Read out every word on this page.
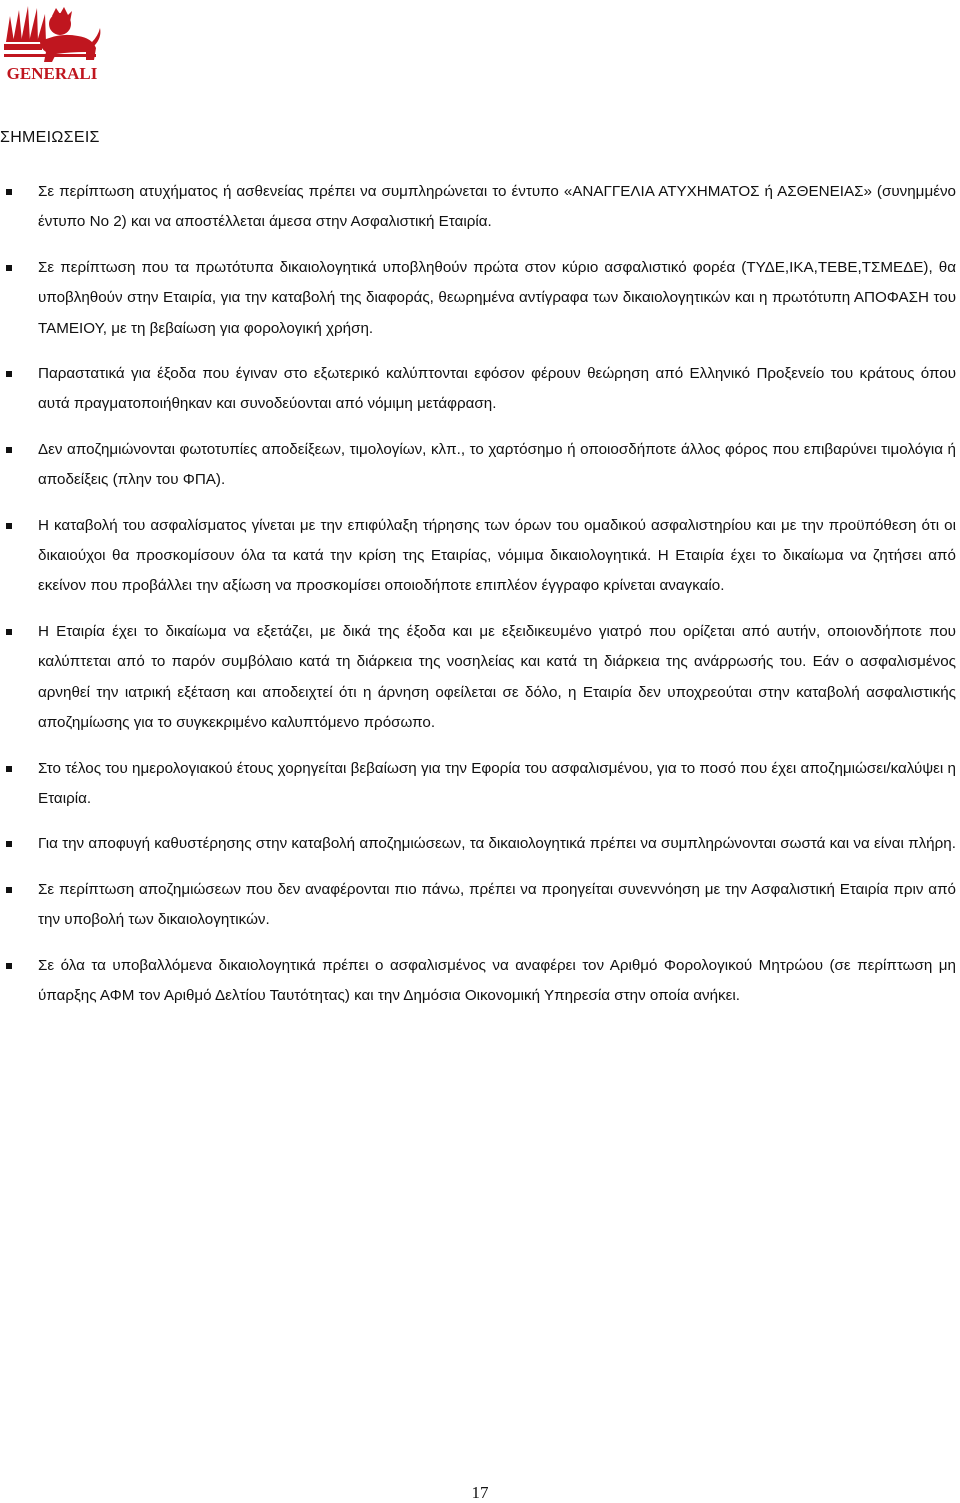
GENERALI
ΣΗΜΕΙΩΣΕΙΣ
Σε περίπτωση ατυχήματος ή ασθενείας πρέπει να συμπληρώνεται το έντυπο «ΑΝΑΓΓΕΛΙΑ ΑΤΥΧΗΜΑΤΟΣ ή ΑΣΘΕΝΕΙΑΣ» (συνημμένο έντυπο Νο 2) και να αποστέλλεται άμεσα στην Ασφαλιστική Εταιρία.
Σε περίπτωση που τα πρωτότυπα δικαιολογητικά υποβληθούν πρώτα στον κύριο ασφαλιστικό φορέα (ΤΥΔΕ,ΙΚΑ,ΤΕΒΕ,ΤΣΜΕΔΕ), θα υποβληθούν στην Εταιρία, για την καταβολή της διαφοράς, θεωρημένα αντίγραφα των δικαιολογητικών και η πρωτότυπη ΑΠΟΦΑΣΗ του ΤΑΜΕΙΟΥ, με τη βεβαίωση για φορολογική χρήση.
Παραστατικά για έξοδα που έγιναν στο εξωτερικό καλύπτονται εφόσον φέρουν θεώρηση από Ελληνικό Προξενείο του κράτους όπου αυτά πραγματοποιήθηκαν και συνοδεύονται από νόμιμη μετάφραση.
Δεν αποζημιώνονται φωτοτυπίες αποδείξεων, τιμολογίων, κλπ., το χαρτόσημο ή οποιοσδήποτε άλλος φόρος που επιβαρύνει τιμολόγια ή αποδείξεις (πλην του ΦΠΑ).
Η καταβολή του ασφαλίσματος γίνεται με την επιφύλαξη τήρησης των όρων του ομαδικού ασφαλιστηρίου και με την προϋπόθεση ότι οι δικαιούχοι θα προσκομίσουν όλα τα κατά την κρίση της Εταιρίας, νόμιμα δικαιολογητικά. Η Εταιρία έχει το δικαίωμα να ζητήσει από εκείνον που προβάλλει την αξίωση να προσκομίσει οποιοδήποτε επιπλέον έγγραφο κρίνεται αναγκαίο.
Η Εταιρία έχει το δικαίωμα να εξετάζει, με δικά της έξοδα και με εξειδικευμένο γιατρό που ορίζεται από αυτήν, οποιονδήποτε που καλύπτεται από το παρόν συμβόλαιο κατά τη διάρκεια της νοσηλείας και κατά τη διάρκεια της ανάρρωσής του. Εάν ο ασφαλισμένος αρνηθεί την ιατρική εξέταση και αποδειχτεί ότι η άρνηση οφείλεται σε δόλο, η Εταιρία δεν υποχρεούται στην καταβολή ασφαλιστικής αποζημίωσης για το συγκεκριμένο καλυπτόμενο πρόσωπο.
Στο τέλος του ημερολογιακού έτους χορηγείται βεβαίωση για την Εφορία του ασφαλισμένου, για το ποσό που έχει αποζημιώσει/καλύψει η Εταιρία.
Για την αποφυγή καθυστέρησης στην καταβολή αποζημιώσεων, τα δικαιολογητικά πρέπει να συμπληρώνονται σωστά και να είναι πλήρη.
Σε περίπτωση αποζημιώσεων που δεν αναφέρονται πιο πάνω, πρέπει να προηγείται συνεννόηση με την Ασφαλιστική Εταιρία πριν από την υποβολή των δικαιολογητικών.
Σε όλα τα υποβαλλόμενα δικαιολογητικά πρέπει ο ασφαλισμένος να αναφέρει τον Αριθμό Φορολογικού Μητρώου (σε περίπτωση μη ύπαρξης ΑΦΜ τον Αριθμό Δελτίου Ταυτότητας) και την Δημόσια Οικονομική Υπηρεσία στην οποία ανήκει.
17
